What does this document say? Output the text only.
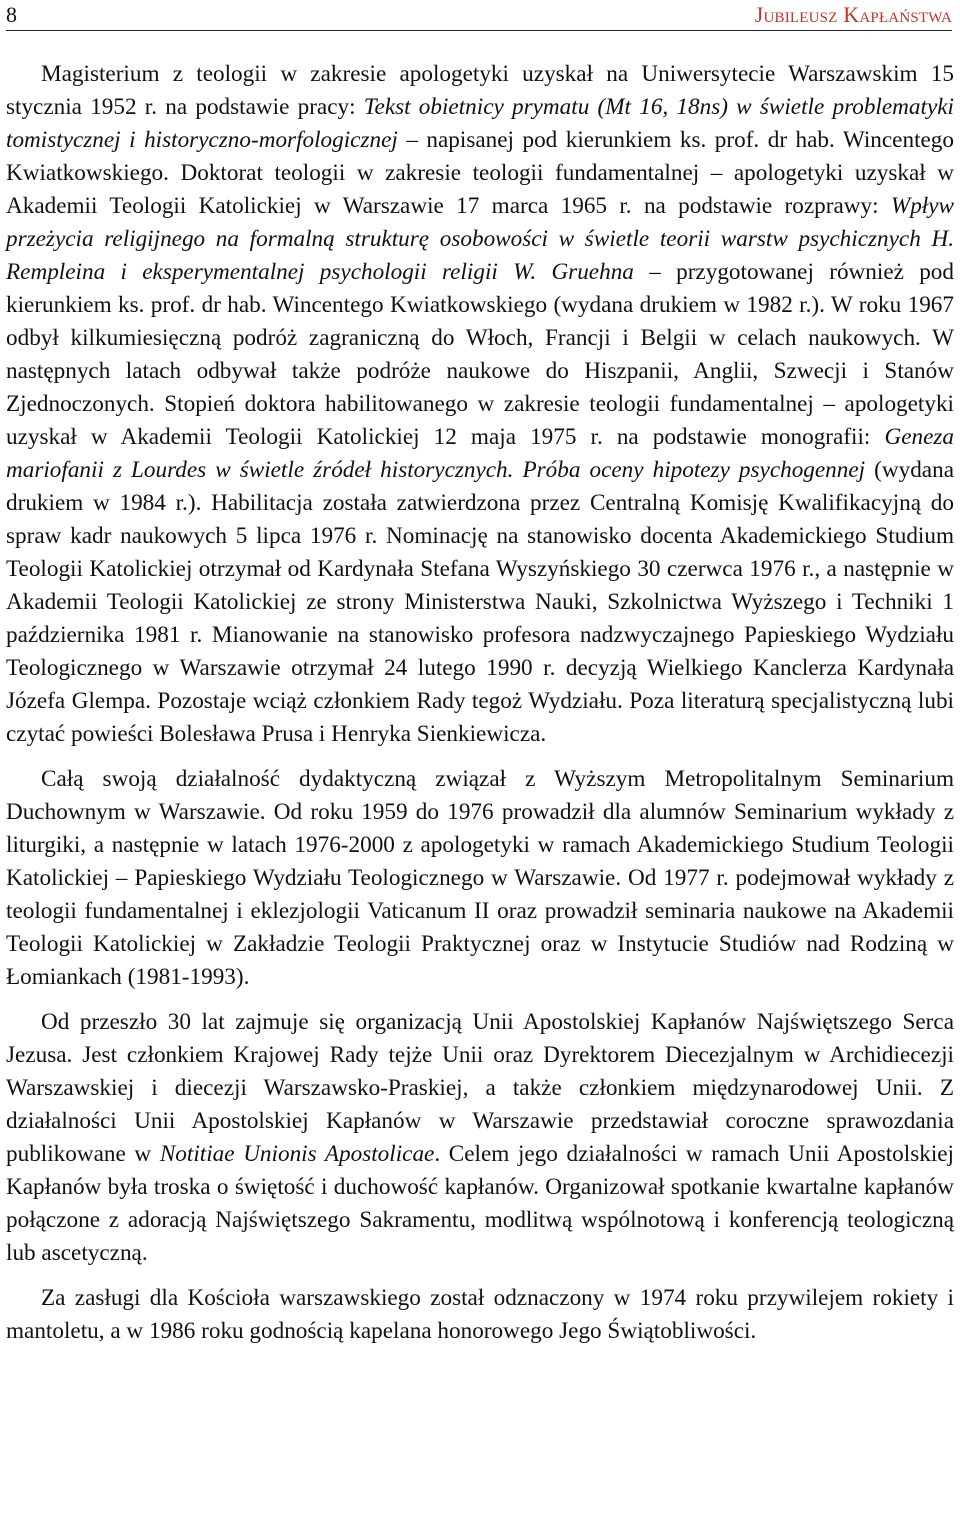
8	Jubileusz Kapłaństwa

Magisterium z teologii w zakresie apologetyki uzyskał na Uniwersytecie Warszawskim 15 stycznia 1952 r. na podstawie pracy: Tekst obietnicy prymatu (Mt 16, 18ns) w świetle problematyki tomistycznej i historyczno-morfologicznej – napisanej pod kierunkiem ks. prof. dr hab. Wincentego Kwiatkowskiego. Doktorat teologii w zakresie teologii fundamentalnej – apologetyki uzyskał w Akademii Teologii Katolickiej w Warszawie 17 marca 1965 r. na podstawie rozprawy: Wpływ przeżycia religijnego na formalną strukturę osobowości w świetle teorii warstw psychicznych H. Rempleina i eksperymentalnej psychologii religii W. Gruehna – przygotowanej również pod kierunkiem ks. prof. dr hab. Wincentego Kwiatkowskiego (wydana drukiem w 1982 r.). W roku 1967 odbył kilkumiesięczną podróż zagraniczną do Włoch, Francji i Belgii w celach naukowych. W następnych latach odbywał także podróże naukowe do Hiszpanii, Anglii, Szwecji i Stanów Zjednoczonych. Stopień doktora habilitowanego w zakresie teologii fundamentalnej – apologetyki uzyskał w Akademii Teologii Katolickiej 12 maja 1975 r. na podstawie monografii: Geneza mariofanii z Lourdes w świetle źródeł historycznych. Próba oceny hipotezy psychogennej (wydana drukiem w 1984 r.). Habilitacja została zatwierdzona przez Centralną Komisję Kwalifikacyjną do spraw kadr naukowych 5 lipca 1976 r. Nominację na stanowisko docenta Akademickiego Studium Teologii Katolickiej otrzymał od Kardynała Stefana Wyszyńskiego 30 czerwca 1976 r., a następnie w Akademii Teologii Katolickiej ze strony Ministerstwa Nauki, Szkolnictwa Wyższego i Techniki 1 października 1981 r. Mianowanie na stanowisko profesora nadzwyczajnego Papieskiego Wydziału Teologicznego w Warszawie otrzymał 24 lutego 1990 r. decyzją Wielkiego Kanclerza Kardynała Józefa Glempa. Pozostaje wciąż członkiem Rady tegoż Wydziału. Poza literaturą specjalistyczną lubi czytać powieści Bolesława Prusa i Henryka Sienkiewicza.

Całą swoją działalność dydaktyczną związał z Wyższym Metropolitalnym Seminarium Duchownym w Warszawie. Od roku 1959 do 1976 prowadził dla alumnów Seminarium wykłady z liturgiki, a następnie w latach 1976-2000 z apologetyki w ramach Akademickiego Studium Teologii Katolickiej – Papieskiego Wydziału Teologicznego w Warszawie. Od 1977 r. podejmował wykłady z teologii fundamentalnej i eklezjologii Vaticanum II oraz prowadził seminaria naukowe na Akademii Teologii Katolickiej w Zakładzie Teologii Praktycznej oraz w Instytucie Studiów nad Rodziną w Łomiankach (1981-1993).

Od przeszło 30 lat zajmuje się organizacją Unii Apostolskiej Kapłanów Najświętszego Serca Jezusa. Jest członkiem Krajowej Rady tejże Unii oraz Dyrektorem Diecezjalnym w Archidiecezji Warszawskiej i diecezji Warszawsko-Praskiej, a także członkiem międzynarodowej Unii. Z działalności Unii Apostolskiej Kapłanów w Warszawie przedstawiał coroczne sprawozdania publikowane w Notitiae Unionis Apostolicae. Celem jego działalności w ramach Unii Apostolskiej Kapłanów była troska o świętość i duchowość kapłanów. Organizował spotkanie kwartalne kapłanów połączone z adoracją Najświętszego Sakramentu, modlitwą wspólnotową i konferencją teologiczną lub ascetyczną.

Za zasługi dla Kościoła warszawskiego został odznaczony w 1974 roku przywilejem rokiety i mantoletu, a w 1986 roku godnością kapelana honorowego Jego Świątobliwości.
